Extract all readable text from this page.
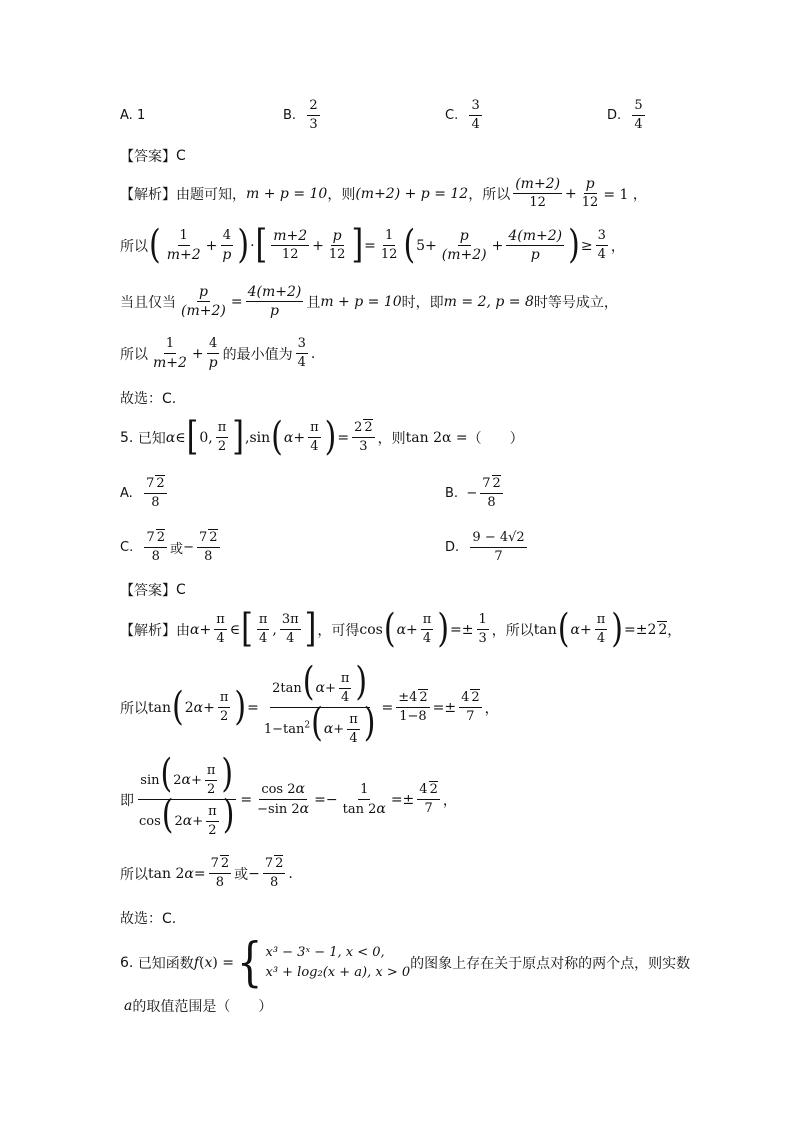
A.
1	B.
$\frac{2}{3}$	C.
$\frac{3}{4}$	D.
$\frac{5}{4}$
【答案】 C
【解析】 由题可知， m + p = 10 ，则 (m+2) + p = 12 ，所以 $\frac{(m+2)}{12} + \frac{p}{12} = 1$ ，
所以 ( $\frac{1}{m+2} + \frac{4}{p}$ ) · [ $\frac{m+2}{12} + \frac{p}{12}$ ] = $\frac{1}{12}$ ( $5+ \frac{p}{(m+2)} + \frac{4(m+2)}{p}$ ) ≥ $\frac{3}{4}$ ，
当且仅当 $\frac{p}{(m+2)} = \frac{4(m+2)}{p}$ 且 m + p = 10 时，即 m = 2, p = 8 时等号成立，
所以 $\frac{1}{m+2} + \frac{4}{p}$ 的最小值为 $\frac{3}{4}$ .
故选：C.
5.
已知 α ∈ [ 0, $\frac{\pi}{2}$ ] , sin ( $\alpha + \frac{\pi}{4}$ ) = $\frac{2 2}{3}$ ，则 tan 2α = （　　）
A.
$\frac{7 2}{8}$	B. − $\frac{7 2}{8}$
C.
$\frac{7 2}{8}$ 或 − $\frac{7 2}{8}$	D.
$\frac{9 - 4√2}{7}$
【答案】 C
【解析】 由 $\alpha + \frac{\pi}{4}$ ∈ [ $\frac{\pi}{4}$ , $\frac{3\pi}{4}$ ] ，可得 cos ( $\alpha + \frac{\pi}{4}$ ) =± $\frac{1}{3}$ ，所以 tan ( $\alpha + \frac{\pi}{4}$ ) =±2 2 ，
所以 tan ( 2 $\alpha + \frac{\pi}{2}$ ) = $\frac{2\tan(\alpha+ \frac{\pi}{4} )}{1-\tan^2(\alpha+ \frac{\pi}{4} )} = \frac{\pm 4 2}{1-8} =\pm \frac{4 2}{7}$ ，
即 $\frac{\sin(2\alpha+ \frac{\pi}{2} )}{\cos(2\alpha+ \frac{\pi}{2} )} = \frac{\cos 2\alpha}{-\sin 2\alpha} =- \frac{1}{\tan 2\alpha} =\pm \frac{4 2}{7}$ ，
所以 tan 2 $\alpha = \frac{7 2}{8}$ 或 − $\frac{7 2}{8}$ .
故选：C.
6.
已知函数 f ( x ) = { x³ − 3ˣ − 1, x < 0,
x³ + log₂(x + a), x > 0
的图象上存在关于原点对称的两个点，则实数
a 的取值范围是（　　）
